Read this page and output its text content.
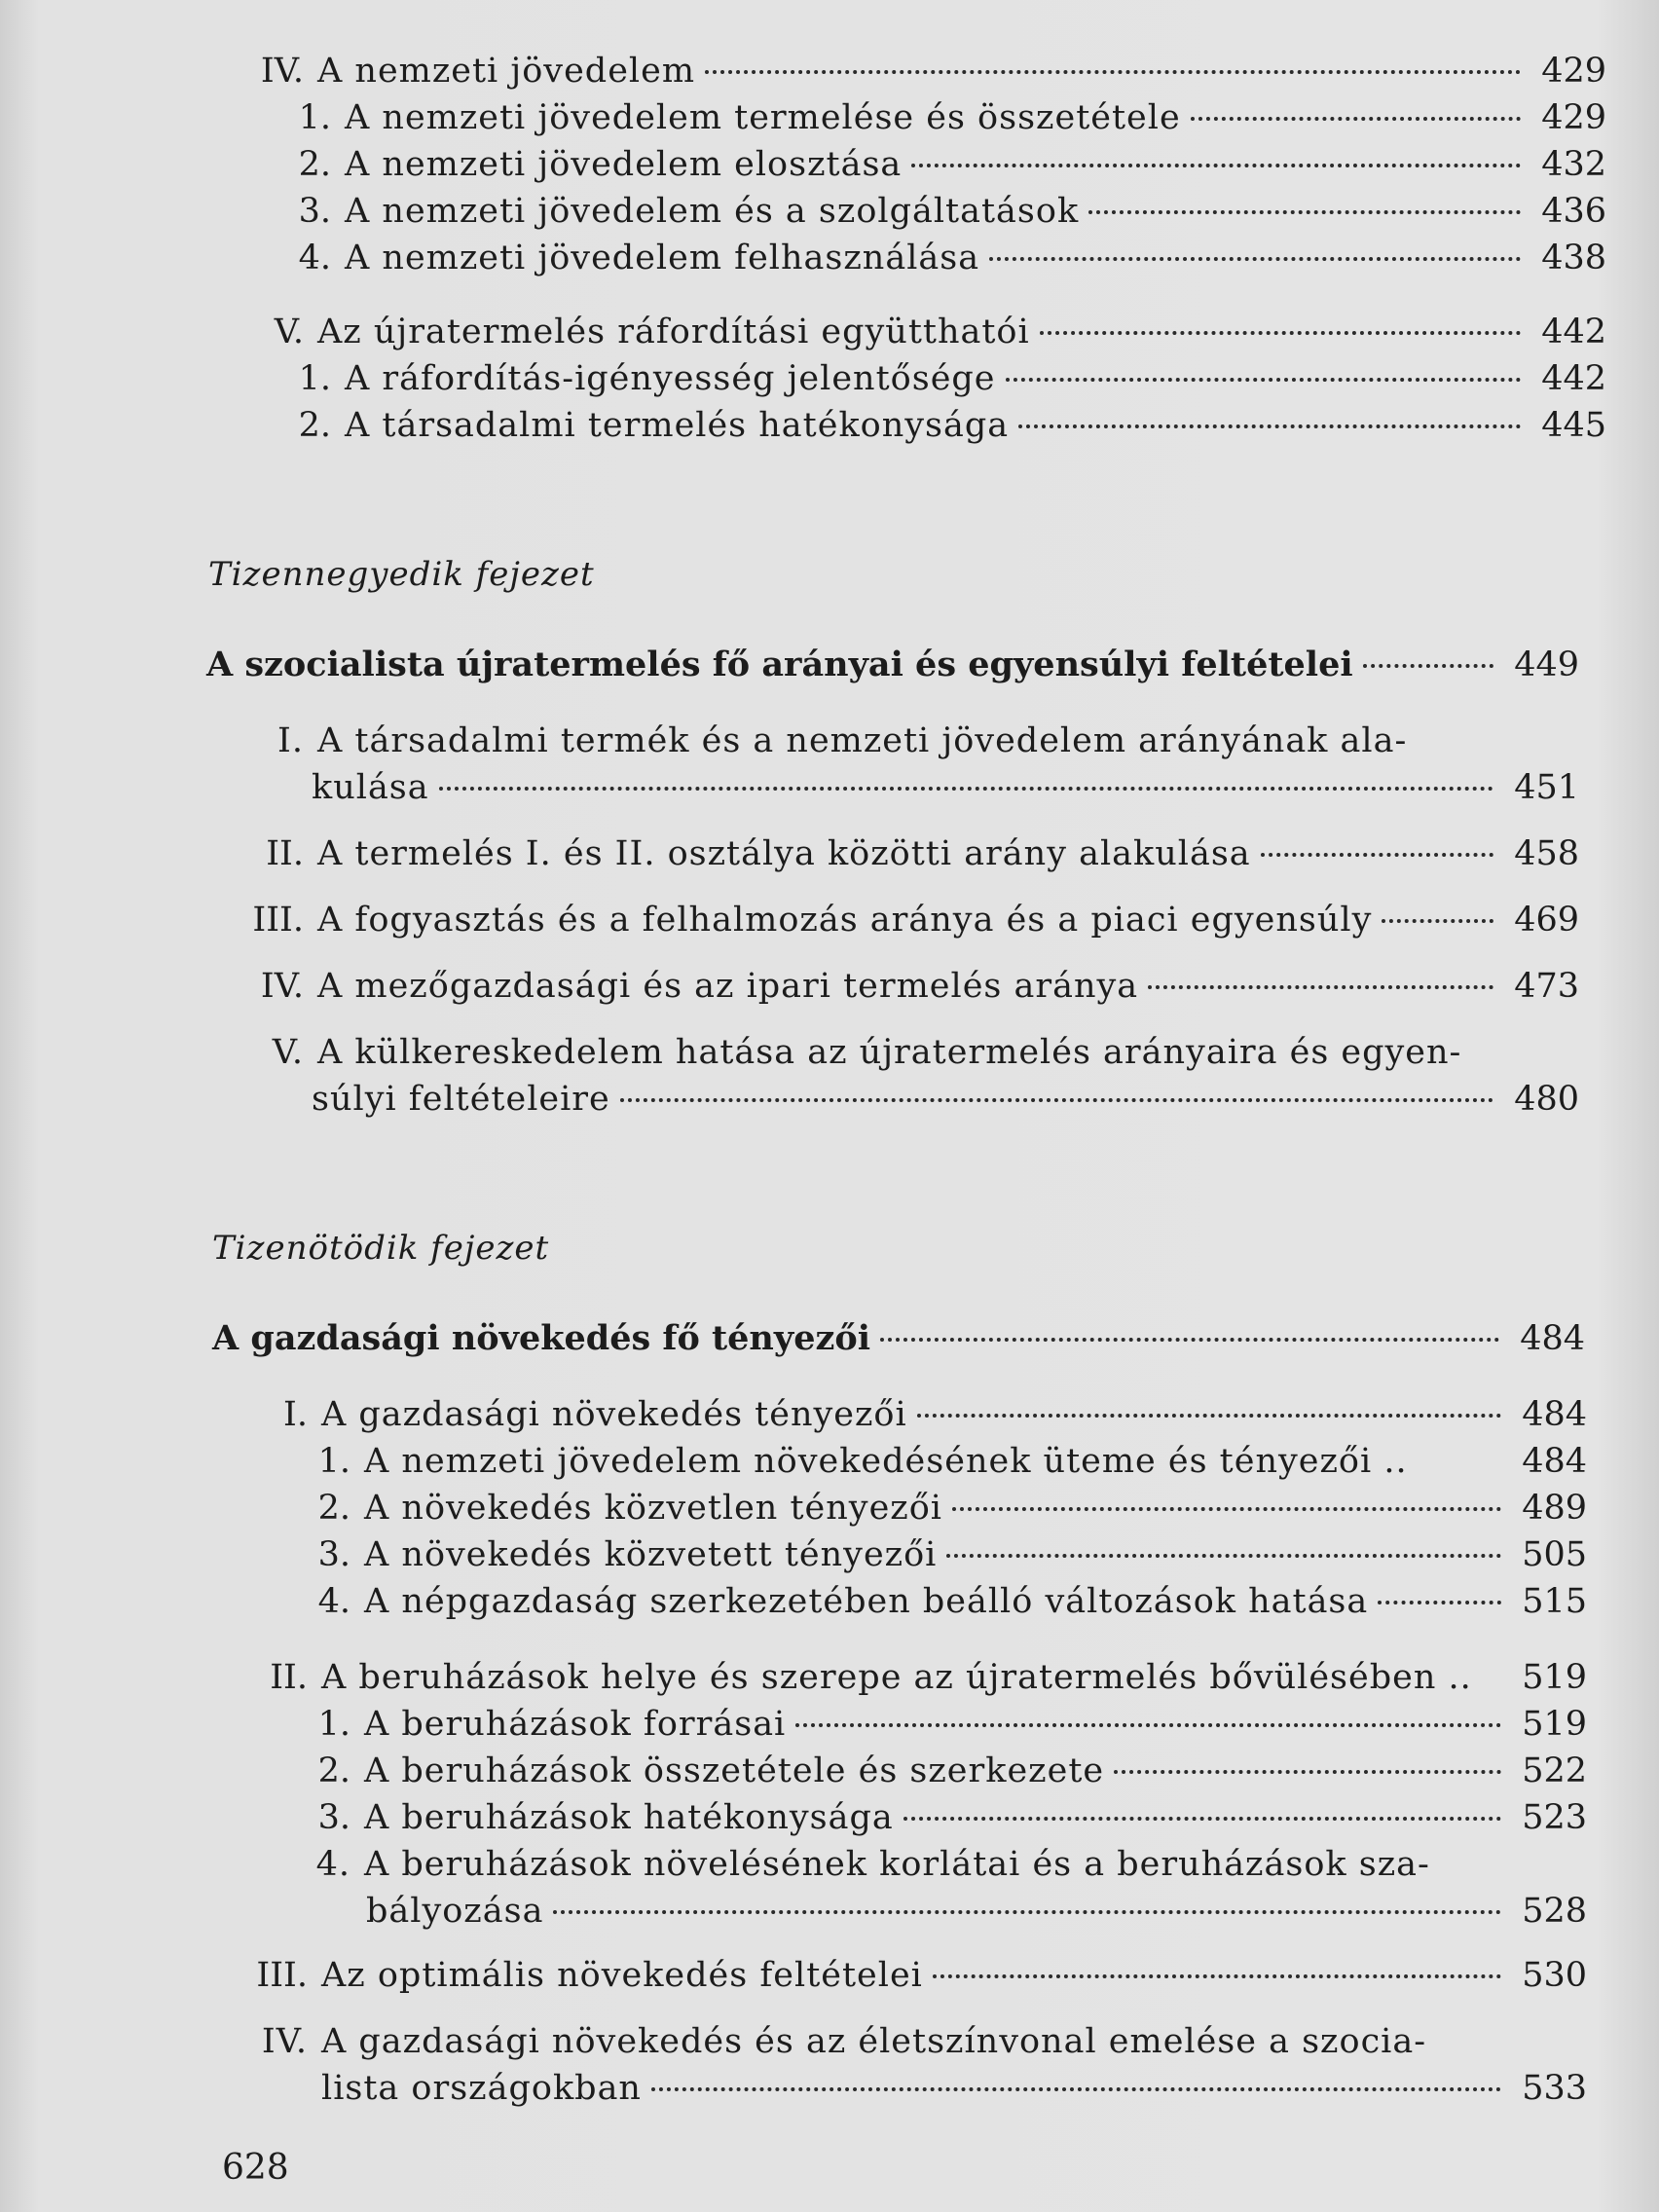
IV. A nemzeti jövedelem	429
1. A nemzeti jövedelem termelése és összetétele	429
2. A nemzeti jövedelem elosztása	432
3. A nemzeti jövedelem és a szolgáltatások	436
4. A nemzeti jövedelem felhasználása	438
V. Az újratermelés ráfordítási együtthatói	442
1. A ráfordítás-igényesség jelentősége	442
2. A társadalmi termelés hatékonysága	445
Tizennegyedik fejezet
A szocialista újratermelés fő arányai és egyensúlyi feltételei	449
I. A társadalmi termék és a nemzeti jövedelem arányának ala-
kulása	451
II. A termelés I. és II. osztálya közötti arány alakulása	458
III. A fogyasztás és a felhalmozás aránya és a piaci egyensúly	469
IV. A mezőgazdasági és az ipari termelés aránya	473
V. A külkereskedelem hatása az újratermelés arányaira és egyen-
súlyi feltételeire	480
Tizenötödik fejezet
A gazdasági növekedés fő tényezői	484
I. A gazdasági növekedés tényezői	484
1. A nemzeti jövedelem növekedésének üteme és tényezői ..	484
2. A növekedés közvetlen tényezői	489
3. A növekedés közvetett tényezői	505
4. A népgazdaság szerkezetében beálló változások hatása	515
II. A beruházások helye és szerepe az újratermelés bővülésében .. 519
1. A beruházások forrásai	519
2. A beruházások összetétele és szerkezete	522
3. A beruházások hatékonysága	523
4. A beruházások növelésének korlátai és a beruházások sza-
bályozása	528
III. Az optimális növekedés feltételei	530
IV. A gazdasági növekedés és az életszínvonal emelése a szocia-
lista országokban	533
628
